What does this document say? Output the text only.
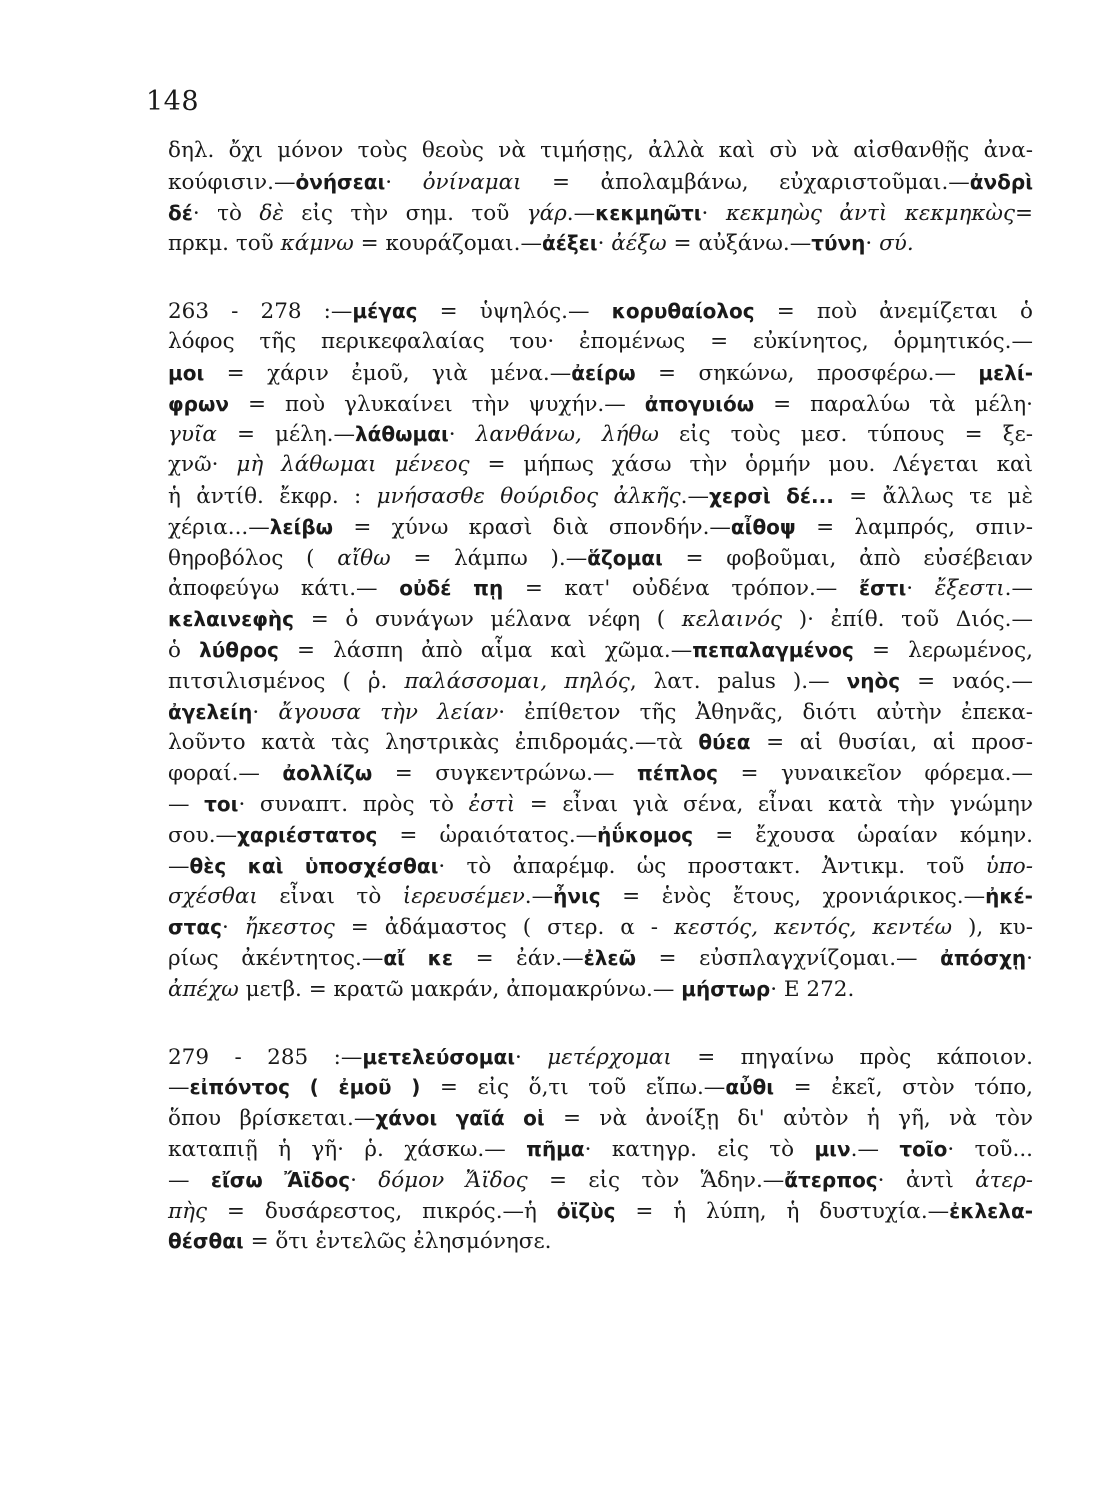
148
δηλ. ὄχι μόνον τοὺς θεοὺς νὰ τιμήσῃς, ἀλλὰ καὶ σὺ νὰ αἰσθανθῇς ἀνα-
κούφισιν.—ὀνήσεαι· ὀνίναμαι = ἀπολαμβάνω, εὐχαριστοῦμαι.—ἀνδρὶ
δέ· τὸ δὲ εἰς τὴν σημ. τοῦ γάρ.—κεκμηῶτι· κεκμηὼς ἀντὶ κεκμηκὼς=
πρκμ. τοῦ κάμνω = κουράζομαι.—ἀέξει· ἀέξω = αὐξάνω.—τύνη· σύ.
263 - 278 :—μέγας = ὑψηλός.— κορυθαίολος = ποὺ ἀνεμίζεται ὁ
λόφος τῆς περικεφαλαίας του· ἐπομένως = εὐκίνητος, ὁρμητικός.—
μοι = χάριν ἐμοῦ, γιὰ μένα.—ἀείρω = σηκώνω, προσφέρω.— μελί-
φρων = ποὺ γλυκαίνει τὴν ψυχήν.— ἀπογυιόω = παραλύω τὰ μέλη·
γυῖα = μέλη.—λάθωμαι· λανθάνω, λήθω εἰς τοὺς μεσ. τύπους = ξε-
χνῶ· μὴ λάθωμαι μένεος = μήπως χάσω τὴν ὁρμήν μου. Λέγεται καὶ
ἡ ἀντίθ. ἔκφρ. : μνήσασθε θούριδος ἀλκῆς.—χερσὶ δέ... = ἄλλως τε μὲ
χέρια...—λείβω = χύνω κρασὶ διὰ σπονδήν.—αἶθοψ = λαμπρός, σπιν-
θηροβόλος ( αἴθω = λάμπω ).—ἅζομαι = φοβοῦμαι, ἀπὸ εὐσέβειαν
ἀποφεύγω κάτι.— οὐδέ πῃ = κατ' οὐδένα τρόπον.— ἔστι· ἔξεστι.—
κελαινεφὴς = ὁ συνάγων μέλανα νέφη ( κελαινός )· ἐπίθ. τοῦ Διός.—
ὁ λύθρος = λάσπη ἀπὸ αἷμα καὶ χῶμα.—πεπαλαγμένος = λερωμένος,
πιτσιλισμένος ( ῥ. παλάσσομαι, πηλός, λατ. palus ).— νηὸς = ναός.—
ἀγελείη· ἄγουσα τὴν λείαν· ἐπίθετον τῆς Ἀθηνᾶς, διότι αὐτὴν ἐπεκα-
λοῦντο κατὰ τὰς ληστρικὰς ἐπιδρομάς.—τὰ θύεα = αἱ θυσίαι, αἱ προσ-
φοραί.— ἀολλίζω = συγκεντρώνω.— πέπλος = γυναικεῖον φόρεμα.—
— τοι· συναπτ. πρὸς τὸ ἐστὶ = εἶναι γιὰ σένα, εἶναι κατὰ τὴν γνώμην
σου.—χαριέστατος = ὡραιότατος.—ἠΰκομος = ἔχουσα ὡραίαν κόμην.
—θὲς καὶ ὑποσχέσθαι· τὸ ἀπαρέμφ. ὡς προστακτ. Ἀντικμ. τοῦ ὑπο-
σχέσθαι εἶναι τὸ ἱερευσέμεν.—ἦνις = ἑνὸς ἔτους, χρονιάρικος.—ἠκέ-
στας· ἤκεστος = ἀδάμαστος ( στερ. α - κεστός, κεντός, κεντέω ), κυ-
ρίως ἀκέντητος.—αἴ κε = ἐάν.—ἐλεῶ = εὐσπλαγχνίζομαι.— ἀπόσχῃ·
ἀπέχω μετβ. = κρατῶ μακράν, ἀπομακρύνω.— μήστωρ· Ε 272.
279 - 285 :—μετελεύσομαι· μετέρχομαι = πηγαίνω πρὸς κάποιον.
—εἰπόντος ( ἐμοῦ ) = εἰς ὅ,τι τοῦ εἴπω.—αὖθι = ἐκεῖ, στὸν τόπο,
ὅπου βρίσκεται.—χάνοι γαῖά οἱ = νὰ ἀνοίξῃ δι' αὐτὸν ἡ γῆ, νὰ τὸν
καταπιῇ ἡ γῆ· ῥ. χάσκω.— πῆμα· κατηγρ. εἰς τὸ μιν.— τοῖο· τοῦ...
— εἴσω Ἄϊδος· δόμον Ἄϊδος = εἰς τὸν Ἅδην.—ἄτερπος· ἀντὶ ἀτερ-
πὴς = δυσάρεστος, πικρός.—ἡ ὀϊζὺς = ἡ λύπη, ἡ δυστυχία.—ἐκλελα-
θέσθαι = ὅτι ἐντελῶς ἐλησμόνησε.
